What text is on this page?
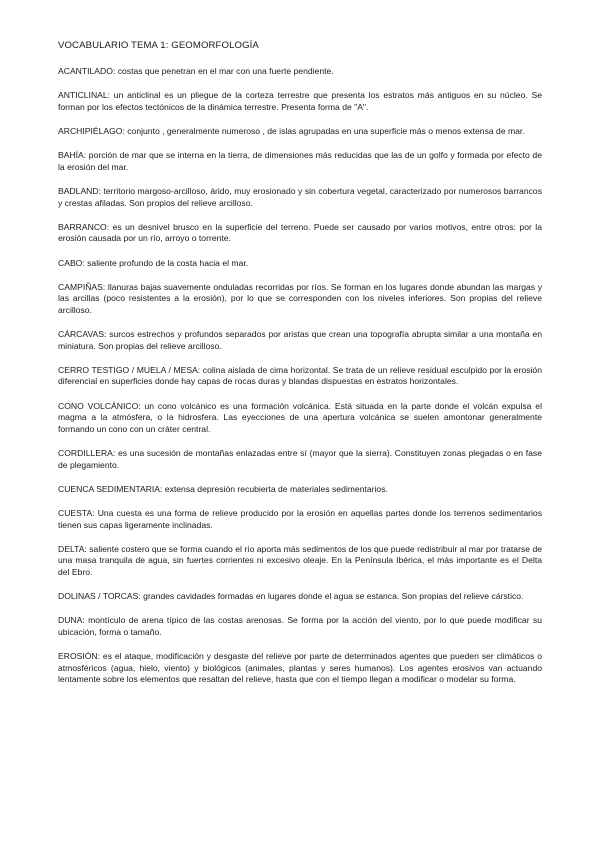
VOCABULARIO TEMA 1: GEOMORFOLOGÍA
ACANTILADO: costas que penetran en el mar con una fuerte pendiente.
ANTICLINAL: un anticlinal es un pliegue de la corteza terrestre que presenta los estratos más antiguos en su núcleo. Se forman por los efectos tectónicos de la dinámica terrestre. Presenta forma de "A".
ARCHIPIÉLAGO: conjunto , generalmente numeroso , de islas agrupadas en una superficie más o menos extensa de mar.
BAHÍA: porción de mar que se interna en la tierra, de dimensiones más reducidas que las de un golfo y formada por efecto de la erosión del mar.
BADLAND: territorio margoso-arcilloso, árido, muy erosionado y sin cobertura vegetal, caracterizado por numerosos barrancos y crestas afiladas. Son propios del relieve arcilloso.
BARRANCO: es un desnivel brusco en la superficie del terreno. Puede ser causado por varios motivos, entre otros: por la erosión causada por un río, arroyo o torrente.
CABO: saliente profundo de la costa hacia el mar.
CAMPIÑAS: llanuras bajas suavemente onduladas recorridas por ríos. Se forman en los lugares donde abundan las margas y las arcillas (poco resistentes a la erosión), por lo que se corresponden con los niveles inferiores. Son propias del relieve arcilloso.
CÁRCAVAS: surcos estrechos y profundos separados por aristas que crean una topografía abrupta similar a una montaña en miniatura. Son propias del relieve arcilloso.
CERRO TESTIGO / MUELA / MESA: colina aislada de cima horizontal. Se trata de un relieve residual esculpido por la erosión diferencial en superficies donde hay capas de rocas duras y blandas dispuestas en estratos horizontales.
CONO VOLCÁNICO: un cono volcánico es una formación volcánica. Está situada en la parte donde el volcán expulsa el magma a la atmósfera, o la hidrosfera. Las eyecciones de una apertura volcánica se suelen amontonar generalmente formando un cono con un cráter central.
CORDILLERA: es una sucesión de montañas enlazadas entre sí (mayor que la sierra). Constituyen zonas plegadas o en fase de plegamiento.
CUENCA SEDIMENTARIA: extensa depresión recubierta de materiales sedimentarios.
CUESTA: Una cuesta es una forma de relieve producido por la erosión en aquellas partes donde los terrenos sedimentarios tienen sus capas ligeramente inclinadas.
DELTA: saliente costero que se forma cuando el río aporta más sedimentos de los que puede redistribuir al mar por tratarse de una masa tranquila de agua, sin fuertes corrientes ni excesivo oleaje. En la Península Ibérica, el más importante es el Delta del Ebro.
DOLINAS / TORCAS: grandes cavidades formadas en lugares donde el agua se estanca. Son propias del relieve cárstico.
DUNA: montículo de arena típico de las costas arenosas. Se forma por la acción del viento, por lo que puede modificar su ubicación, forma o tamaño.
EROSIÓN: es el ataque, modificación y desgaste del relieve por parte de determinados agentes que pueden ser climáticos o atmosféricos (agua, hielo, viento) y biológicos (animales, plantas y seres humanos). Los agentes erosivos van actuando lentamente sobre los elementos que resaltan del relieve, hasta que con el tiempo llegan a modificar o modelar su forma.
